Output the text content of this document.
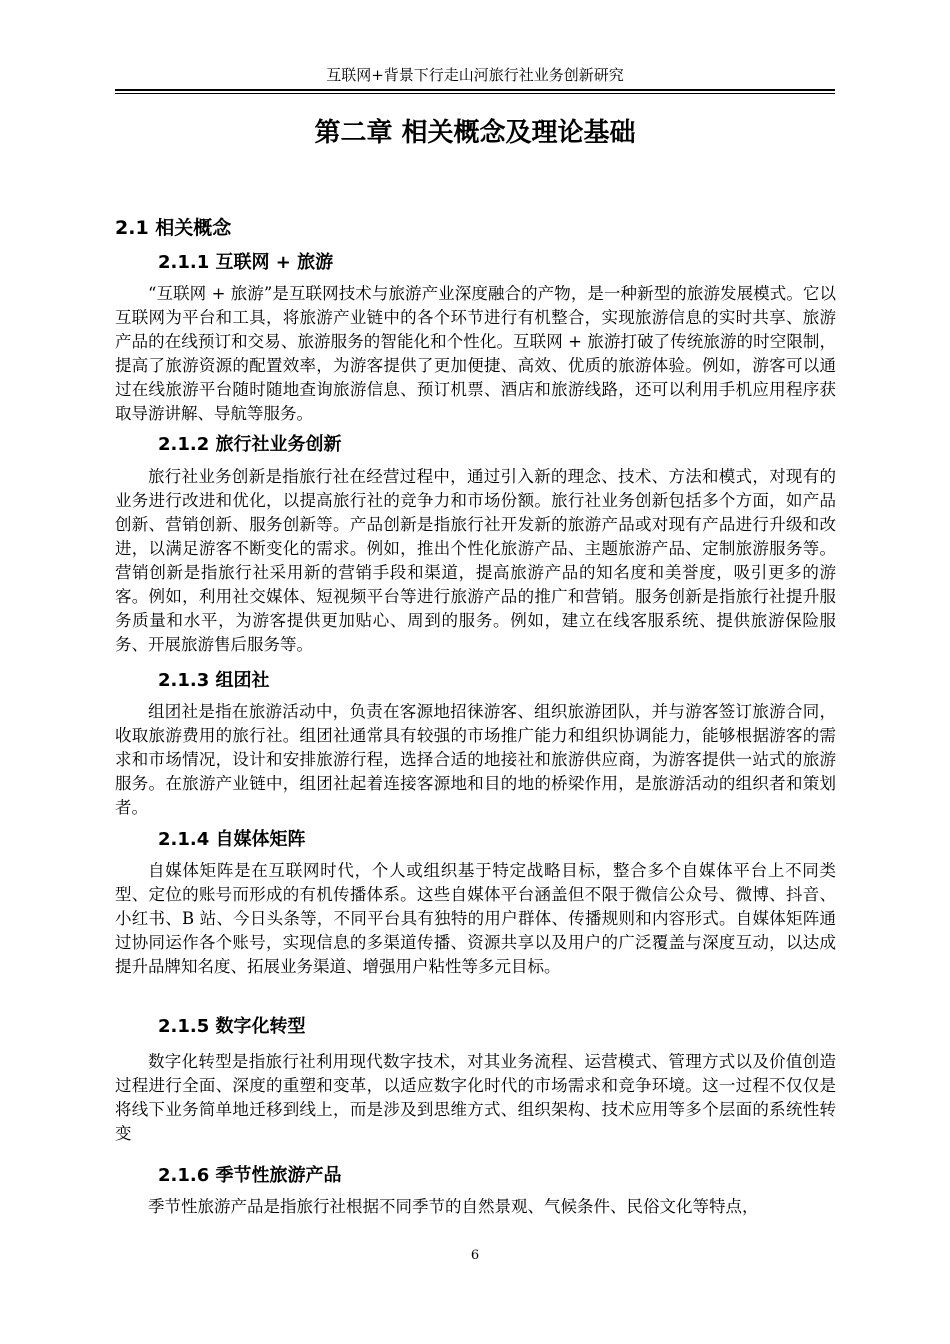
互联网+背景下行走山河旅行社业务创新研究
第二章 相关概念及理论基础
2.1 相关概念
2.1.1 互联网 + 旅游

“互联网 + 旅游”是互联网技术与旅游产业深度融合的产物，是一种新型的旅游发展模式。它以互联网为平台和工具，将旅游产业链中的各个环节进行有机整合，实现旅游信息的实时共享、旅游产品的在线预订和交易、旅游服务的智能化和个性化。互联网 + 旅游打破了传统旅游的时空限制，提高了旅游资源的配置效率，为游客提供了更加便捷、高效、优质的旅游体验。例如，游客可以通过在线旅游平台随时随地查询旅游信息、预订机票、酒店和旅游线路，还可以利用手机应用程序获取导游讲解、导航等服务。

2.1.2 旅行社业务创新

旅行社业务创新是指旅行社在经营过程中，通过引入新的理念、技术、方法和模式，对现有的业务进行改进和优化，以提高旅行社的竞争力和市场份额。旅行社业务创新包括多个方面，如产品创新、营销创新、服务创新等。产品创新是指旅行社开发新的旅游产品或对现有产品进行升级和改进，以满足游客不断变化的需求。例如，推出个性化旅游产品、主题旅游产品、定制旅游服务等。营销创新是指旅行社采用新的营销手段和渠道，提高旅游产品的知名度和美誉度，吸引更多的游客。例如，利用社交媒体、短视频平台等进行旅游产品的推广和营销。服务创新是指旅行社提升服务质量和水平，为游客提供更加贴心、周到的服务。例如，建立在线客服系统、提供旅游保险服务、开展旅游售后服务等。

2.1.3 组团社

组团社是指在旅游活动中，负责在客源地招徕游客、组织旅游团队，并与游客签订旅游合同，收取旅游费用的旅行社。组团社通常具有较强的市场推广能力和组织协调能力，能够根据游客的需求和市场情况，设计和安排旅游行程，选择合适的地接社和旅游供应商，为游客提供一站式的旅游服务。在旅游产业链中，组团社起着连接客源地和目的地的桥梁作用，是旅游活动的组织者和策划者。

2.1.4 自媒体矩阵

自媒体矩阵是在互联网时代，个人或组织基于特定战略目标，整合多个自媒体平台上不同类型、定位的账号而形成的有机传播体系。这些自媒体平台涵盖但不限于微信公众号、微博、抖音、小红书、B 站、今日头条等，不同平台具有独特的用户群体、传播规则和内容形式。自媒体矩阵通过协同运作各个账号，实现信息的多渠道传播、资源共享以及用户的广泛覆盖与深度互动，以达成提升品牌知名度、拓展业务渠道、增强用户粘性等多元目标。

2.1.5 数字化转型

数字化转型是指旅行社利用现代数字技术，对其业务流程、运营模式、管理方式以及价值创造过程进行全面、深度的重塑和变革，以适应数字化时代的市场需求和竞争环境。这一过程不仅仅是将线下业务简单地迁移到线上，而是涉及到思维方式、组织架构、技术应用等多个层面的系统性转变

2.1.6 季节性旅游产品

季节性旅游产品是指旅行社根据不同季节的自然景观、气候条件、民俗文化等特点，

6
